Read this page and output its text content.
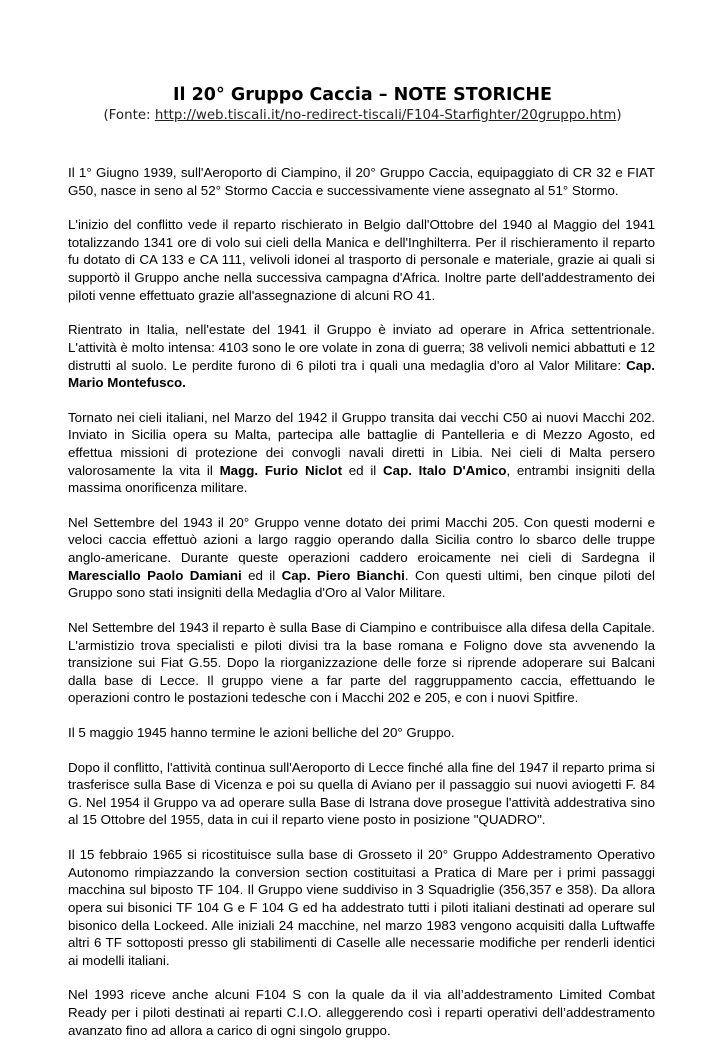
Il 20° Gruppo Caccia – NOTE STORICHE
(Fonte: http://web.tiscali.it/no-redirect-tiscali/F104-Starfighter/20gruppo.htm)

Il 1° Giugno 1939, sull'Aeroporto di Ciampino, il 20° Gruppo Caccia, equipaggiato di CR 32 e FIAT G50, nasce in seno al 52° Stormo Caccia e successivamente viene assegnato al 51° Stormo.

L'inizio del conflitto vede il reparto rischierato in Belgio dall'Ottobre del 1940 al Maggio del 1941 totalizzando 1341 ore di volo sui cieli della Manica e dell'Inghilterra. Per il rischieramento il reparto fu dotato di CA 133 e CA 111, velivoli idonei al trasporto di personale e materiale, grazie ai quali si supportò il Gruppo anche nella successiva campagna d'Africa. Inoltre parte dell'addestramento dei piloti venne effettuato grazie all'assegnazione di alcuni RO 41.

Rientrato in Italia, nell'estate del 1941 il Gruppo è inviato ad operare in Africa settentrionale. L'attività è molto intensa: 4103 sono le ore volate in zona di guerra; 38 velivoli nemici abbattuti e 12 distrutti al suolo. Le perdite furono di 6 piloti tra i quali una medaglia d'oro al Valor Militare: Cap. Mario Montefusco.

Tornato nei cieli italiani, nel Marzo del 1942 il Gruppo transita dai vecchi C50 ai nuovi Macchi 202. Inviato in Sicilia opera su Malta, partecipa alle battaglie di Pantelleria e di Mezzo Agosto, ed effettua missioni di protezione dei convogli navali diretti in Libia. Nei cieli di Malta persero valorosamente la vita il Magg. Furio Niclot ed il Cap. Italo D'Amico, entrambi insigniti della massima onorificenza militare.

Nel Settembre del 1943 il 20° Gruppo venne dotato dei primi Macchi 205. Con questi moderni e veloci caccia effettuò azioni a largo raggio operando dalla Sicilia contro lo sbarco delle truppe anglo-americane. Durante queste operazioni caddero eroicamente nei cieli di Sardegna il Maresciallo Paolo Damiani ed il Cap. Piero Bianchi. Con questi ultimi, ben cinque piloti del Gruppo sono stati insigniti della Medaglia d'Oro al Valor Militare.

Nel Settembre del 1943 il reparto è sulla Base di Ciampino e contribuisce alla difesa della Capitale. L'armistizio trova specialisti e piloti divisi tra la base romana e Foligno dove sta avvenendo la transizione sui Fiat G.55. Dopo la riorganizzazione delle forze si riprende adoperare sui Balcani dalla base di Lecce. Il gruppo viene a far parte del raggruppamento caccia, effettuando le operazioni contro le postazioni tedesche con i Macchi 202 e 205, e con i nuovi Spitfire.

Il 5 maggio 1945 hanno termine le azioni belliche del 20° Gruppo.

Dopo il conflitto, l'attività continua sull'Aeroporto di Lecce finché alla fine del 1947 il reparto prima si trasferisce sulla Base di Vicenza e poi su quella di Aviano per il passaggio sui nuovi aviogetti F. 84 G. Nel 1954 il Gruppo va ad operare sulla Base di Istrana dove prosegue l'attività addestrativa sino al 15 Ottobre del 1955, data in cui il reparto viene posto in posizione "QUADRO".

Il 15 febbraio 1965 si ricostituisce sulla base di Grosseto il 20° Gruppo Addestramento Operativo Autonomo rimpiazzando la conversion section costituitasi a Pratica di Mare per i primi passaggi macchina sul biposto TF 104. Il Gruppo viene suddiviso in 3 Squadriglie (356,357 e 358). Da allora opera sui bisonici TF 104 G e F 104 G ed ha addestrato tutti i piloti italiani destinati ad operare sul bisonico della Lockeed. Alle iniziali 24 macchine, nel marzo 1983 vengono acquisiti dalla Luftwaffe altri 6 TF sottoposti presso gli stabilimenti di Caselle alle necessarie modifiche per renderli identici ai modelli italiani.

Nel 1993 riceve anche alcuni F104 S con la quale da il via all’addestramento Limited Combat Ready per i piloti destinati ai reparti C.I.O. alleggerendo così i reparti operativi dell’addestramento avanzato fino ad allora a carico di ogni singolo gruppo.
